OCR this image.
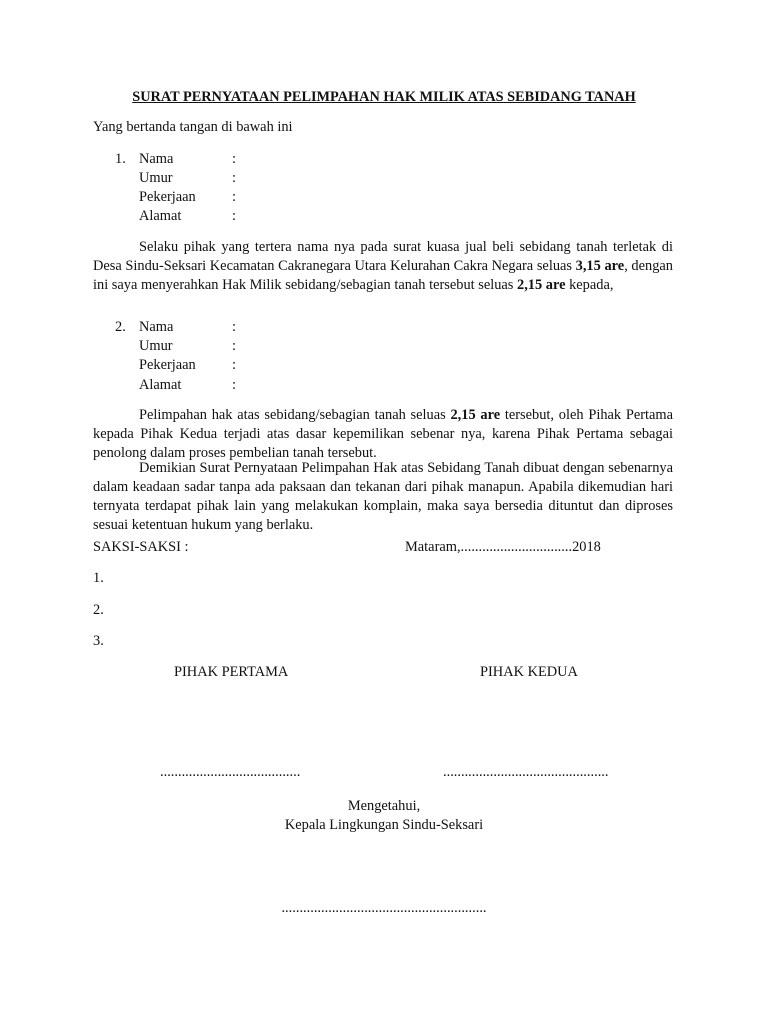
SURAT PERNYATAAN PELIMPAHAN HAK MILIK ATAS SEBIDANG TANAH
Yang bertanda tangan di bawah ini
1. Nama	:
Umur	:
Pekerjaan	:
Alamat	:

Selaku pihak yang tertera nama nya pada surat kuasa jual beli sebidang tanah terletak di Desa Sindu-Seksari Kecamatan Cakranegara Utara Kelurahan Cakra Negara seluas 3,15 are, dengan ini saya menyerahkan Hak Milik sebidang/sebagian tanah tersebut seluas 2,15 are kepada,

2. Nama	:
Umur	:
Pekerjaan	:
Alamat	:

Pelimpahan hak atas sebidang/sebagian tanah seluas 2,15 are tersebut, oleh Pihak Pertama kepada Pihak Kedua terjadi atas dasar kepemilikan sebenar nya, karena Pihak Pertama sebagai penolong dalam proses pembelian tanah tersebut.

Demikian Surat Pernyataan Pelimpahan Hak atas Sebidang Tanah dibuat dengan sebenarnya dalam keadaan sadar tanpa ada paksaan dan tekanan dari pihak manapun. Apabila dikemudian hari ternyata terdapat pihak lain yang melakukan komplain, maka saya bersedia dituntut dan diproses sesuai ketentuan hukum yang berlaku.

SAKSI-SAKSI :	Mataram,...............................2018
1.
2.
3.
PIHAK PERTAMA	PIHAK KEDUA
.......................................	..............................................
Mengetahui,
Kepala Lingkungan Sindu-Seksari
.........................................................
